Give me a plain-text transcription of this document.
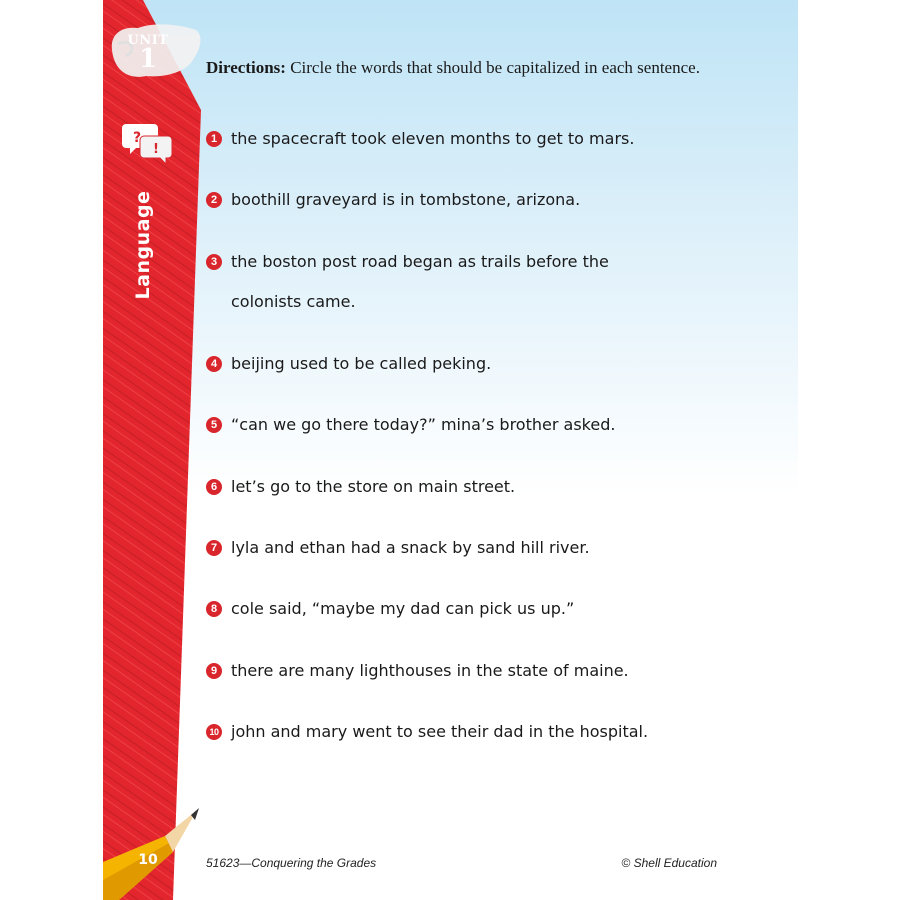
UNIT
1
?
!
Language
Directions: Circle the words that should be capitalized in each sentence.
1 the spacecraft took eleven months to get to mars.
2 boothill graveyard is in tombstone, arizona.
3 the boston post road began as trails before the
colonists came.
4 beijing used to be called peking.
5 “can we go there today?” mina’s brother asked.
6 let’s go to the store on main street.
7 lyla and ethan had a snack by sand hill river.
8 cole said, “maybe my dad can pick us up.”
9 there are many lighthouses in the state of maine.
10 john and mary went to see their dad in the hospital.
10	51623—Conquering the Grades	© Shell Education
